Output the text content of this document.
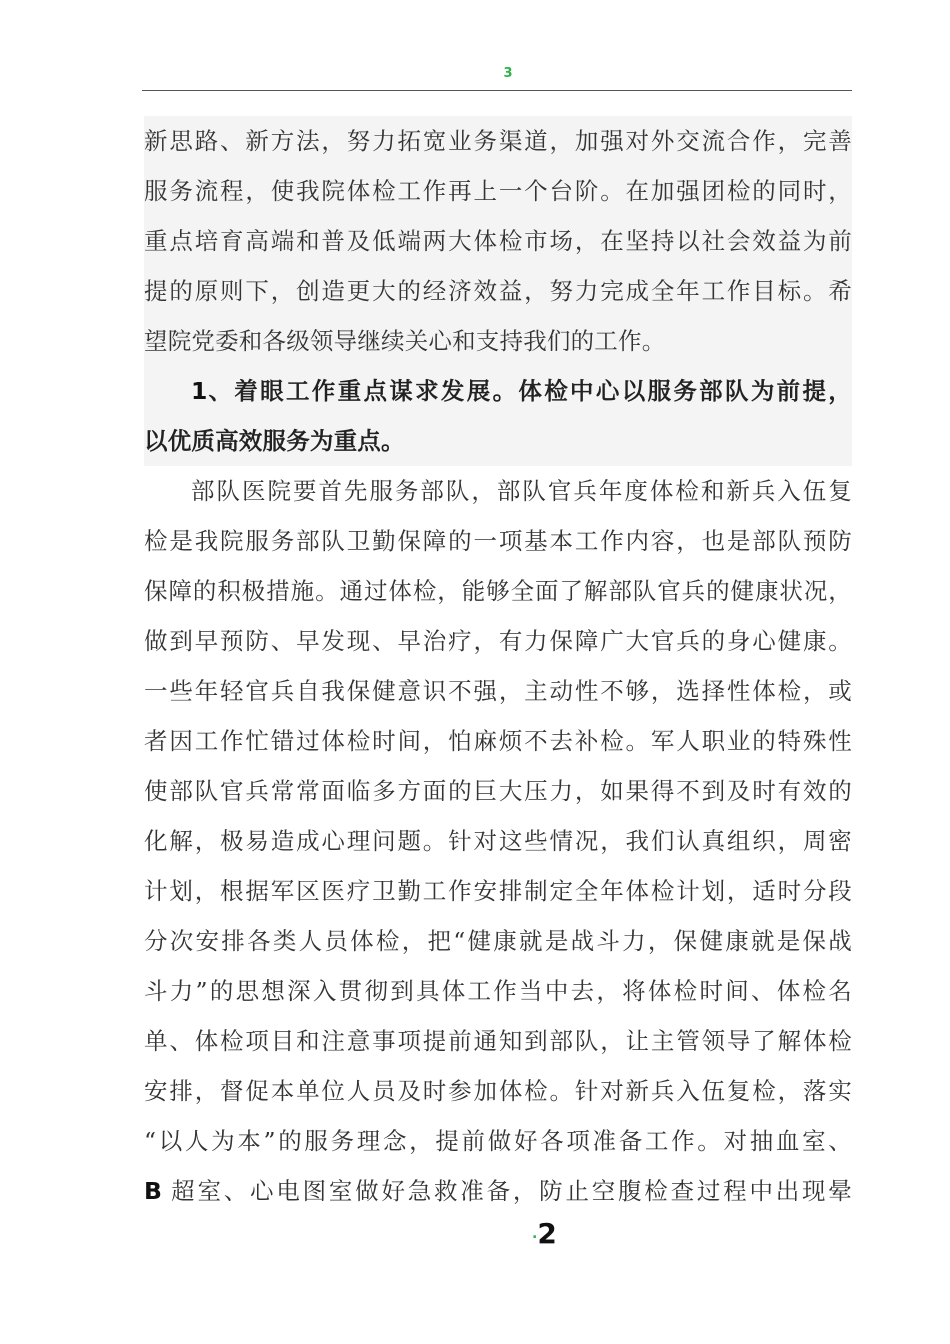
3
新思路、新方法，努力拓宽业务渠道，加强对外交流合作，完善
服务流程，使我院体检工作再上一个台阶。在加强团检的同时，
重点培育高端和普及低端两大体检市场，在坚持以社会效益为前
提的原则下，创造更大的经济效益，努力完成全年工作目标。希
望院党委和各级领导继续关心和支持我们的工作。
1、着眼工作重点谋求发展。体检中心以服务部队为前提，
以优质高效服务为重点。
部队医院要首先服务部队，部队官兵年度体检和新兵入伍复
检是我院服务部队卫勤保障的一项基本工作内容，也是部队预防
保障的积极措施。通过体检，能够全面了解部队官兵的健康状况，
做到早预防、早发现、早治疗，有力保障广大官兵的身心健康。
一些年轻官兵自我保健意识不强，主动性不够，选择性体检，或
者因工作忙错过体检时间，怕麻烦不去补检。军人职业的特殊性
使部队官兵常常面临多方面的巨大压力，如果得不到及时有效的
化解，极易造成心理问题。针对这些情况，我们认真组织，周密
计划，根据军区医疗卫勤工作安排制定全年体检计划，适时分段
分次安排各类人员体检，把“健康就是战斗力，保健康就是保战
斗力”的思想深入贯彻到具体工作当中去，将体检时间、体检名
单、体检项目和注意事项提前通知到部队，让主管领导了解体检
安排，督促本单位人员及时参加体检。针对新兵入伍复检，落实
“以人为本”的服务理念，提前做好各项准备工作。对抽血室、
B 超室、心电图室做好急救准备，防止空腹检查过程中出现晕
.2
